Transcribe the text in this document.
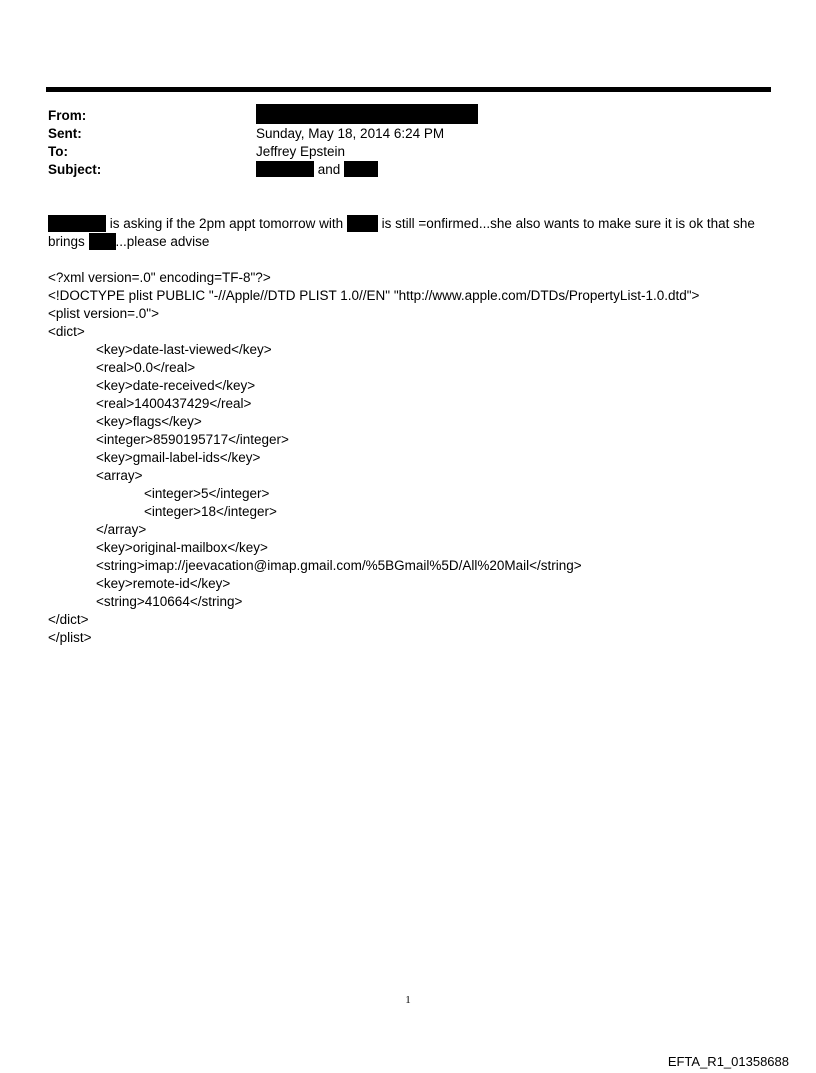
From:
Sent:
To:
Subject:
Sunday, May 18, 2014 6:24 PM
Jeffrey Epstein
and
is asking if the 2pm appt tomorrow with	is still =onfirmed...she also wants to make sure it is ok that she
brings ...please advise
<?xml version=.0" encoding=TF-8"?>
<!DOCTYPE plist PUBLIC "-//Apple//DTD PLIST 1.0//EN" "http://www.apple.com/DTDs/PropertyList-1.0.dtd">
<plist version=.0">
<dict>
<key>date-last-viewed</key>
<real>0.0</real>
<key>date-received</key>
<real>1400437429</real>
<key>flags</key>
<integer>8590195717</integer>
<key>gmail-label-ids</key>
<array>
<integer>5</integer>
<integer>18</integer>
</array>
<key>original-mailbox</key>
<string>imap://jeevacation@imap.gmail.com/%5BGmail%5D/All%20Mail</string>
<key>remote-id</key>
<string>410664</string>
</dict>
</plist>
1
EFTA_R1_01358688
